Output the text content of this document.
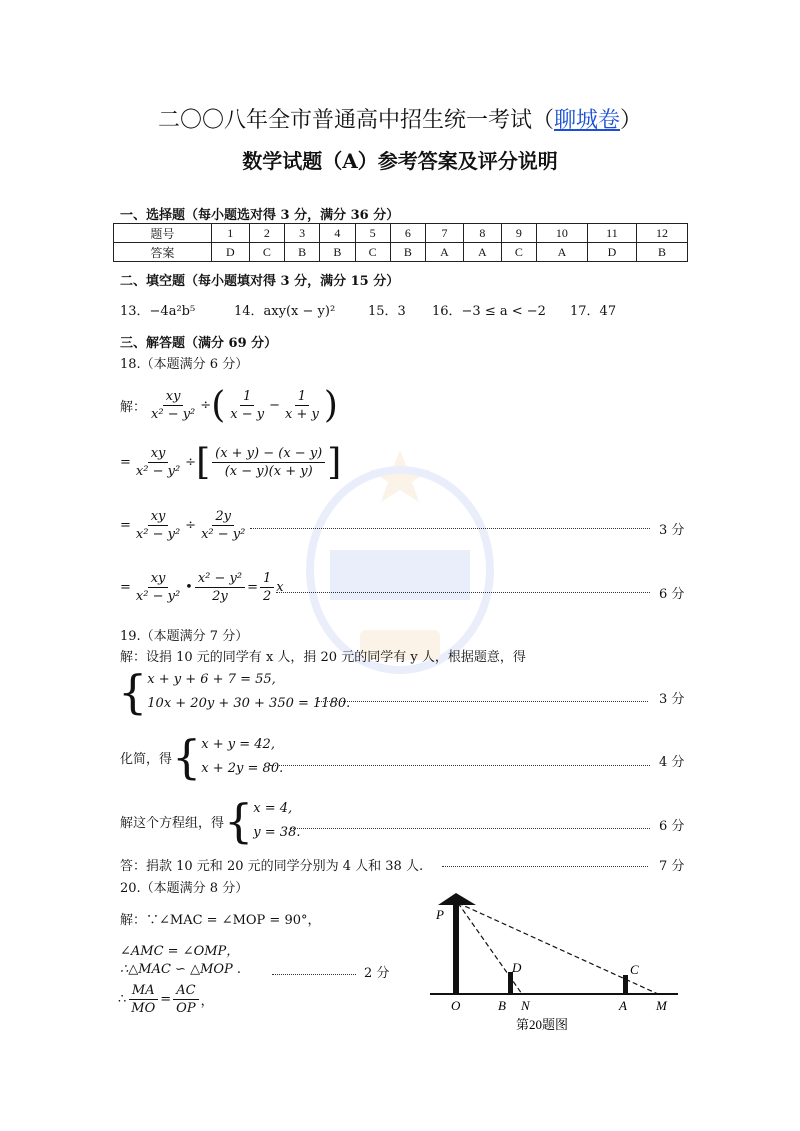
二〇〇八年全市普通高中招生统一考试（聊城卷）
数学试题（A）参考答案及评分说明
一、选择题（每小题选对得 3 分，满分 36 分）
题号	1	2	3	4	5	6	7	8	9	10	11	12
答案	D	C	B	B	C	B	A	A	C	A	D	B
二、填空题（每小题填对得 3 分，满分 15 分）
13．−4a²b⁵	14．axy(x − y)²	15．3 16．−3 ≤ a < −2 17．47
三、解答题（满分 69 分）
18.（本题满分 6 分）
解： $\frac{xy}{\text{x² − y²}}$ ÷ ( $\frac{1}{x - y} - \frac{1}{x + y}$ )
= $\frac{xy}{\text{x² − y²}}$ ÷ [ $\frac{(x + y) - (x - y)}{(x - y)(x + y)}$ ]
= $\frac{xy}{\text{x² − y²}} \div \frac{2y}{\text{x² − y²}}$	3 分
= $\frac{xy}{\text{x² − y²}}$ • $\frac{\text{x² − y²}}{2y} = \frac{1}{2}$ x	6 分
19.（本题满分 7 分）
解：设捐 10 元的同学有 x 人，捐 20 元的同学有 y 人，根据题意，得
{ x + y + 6 + 7 = 55,
10x + 20y + 30 + 350 = 1180.	3 分
化简，得 { x + y = 42,
x + 2y = 80.	4 分
解这个方程组，得 { x = 4,
y = 38.	6 分
答：捐款 10 元和 20 元的同学分别为 4 人和 38 人.	7 分
20.（本题满分 8 分）
解：∵∠MAC = ∠MOP = 90°，
∠AMC = ∠OMP，
∴△MAC ∽ △MOP .	2 分
∴ $\frac{MA}{MO} = \frac{AC}{OP}$ ，
P
D	C
O	B N	A M
第20题图
